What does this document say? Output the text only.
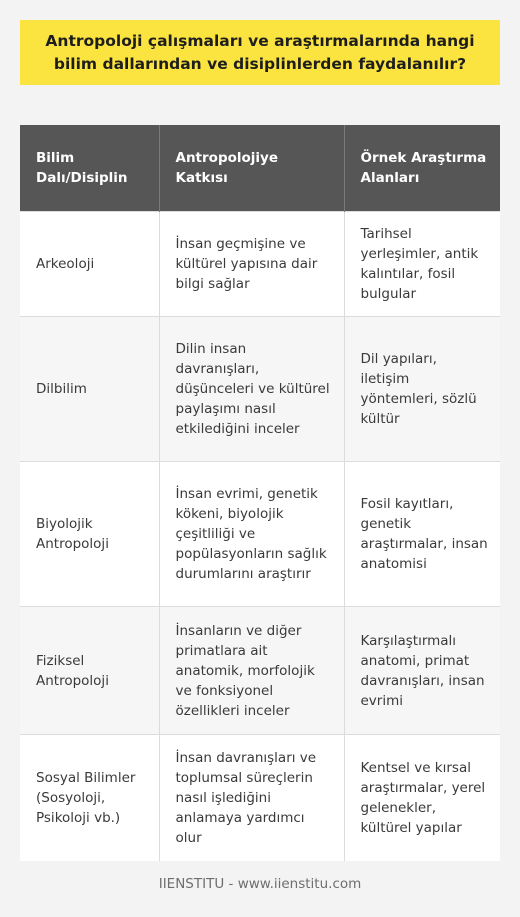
Antropoloji çalışmaları ve araştırmalarında hangi bilim dallarından ve disiplinlerden faydalanılır?
Bilim Dalı/Disiplin	Antropolojiye Katkısı	Örnek Araştırma Alanları
Arkeoloji	İnsan geçmişine ve kültürel yapısına dair bilgi sağlar	Tarihsel yerleşimler, antik kalıntılar, fosil bulgular
Dilbilim	Dilin insan davranışları, düşünceleri ve kültürel paylaşımı nasıl etkilediğini inceler	Dil yapıları, iletişim yöntemleri, sözlü kültür
Biyolojik Antropoloji	İnsan evrimi, genetik kökeni, biyolojik çeşitliliği ve popülasyonların sağlık durumlarını araştırır	Fosil kayıtları, genetik araştırmalar, insan anatomisi
Fiziksel Antropoloji	İnsanların ve diğer primatlara ait anatomik, morfolojik ve fonksiyonel özellikleri inceler	Karşılaştırmalı anatomi, primat davranışları, insan evrimi
Sosyal Bilimler (Sosyoloji, Psikoloji vb.)	İnsan davranışları ve toplumsal süreçlerin nasıl işlediğini anlamaya yardımcı olur	Kentsel ve kırsal araştırmalar, yerel gelenekler, kültürel yapılar
IIENSTITU - www.iienstitu.com
